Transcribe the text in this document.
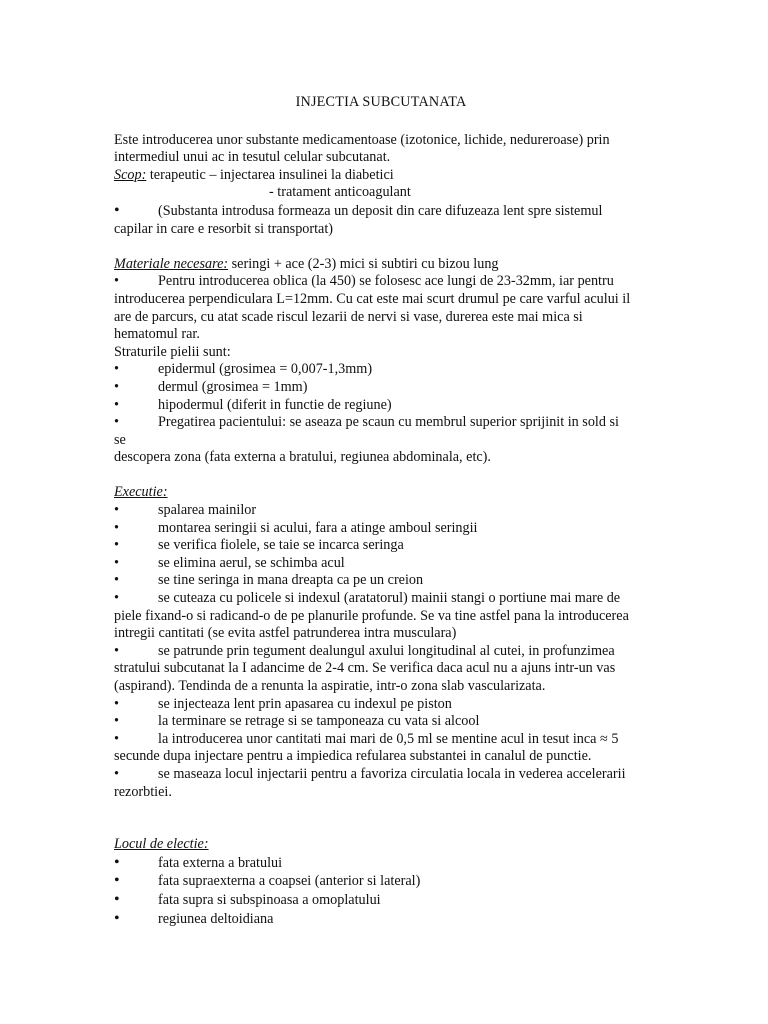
INJECTIA SUBCUTANATA

Este introducerea unor substante medicamentoase (izotonice, lichide, nedureroase) prin

intermediul unui ac in tesutul celular subcutanat.

Scop: terapeutic – injectarea insulinei la diabetici

- tratament anticoagulant

•	(Substanta introdusa formeaza un deposit din care difuzeaza lent spre sistemul

capilar in care e resorbit si transportat)

Materiale necesare: seringi + ace (2-3) mici si subtiri cu bizou lung

•	Pentru introducerea oblica (la 450) se folosesc ace lungi de 23-32mm, iar pentru

introducerea perpendiculara L=12mm. Cu cat este mai scurt drumul pe care varful acului il

are de parcurs, cu atat scade riscul lezarii de nervi si vase, durerea este mai mica si

hematomul rar.

Straturile pielii sunt:

•	epidermul (grosimea = 0,007-1,3mm)

•	dermul (grosimea = 1mm)

•	hipodermul (diferit in functie de regiune)

•	Pregatirea pacientului: se aseaza pe scaun cu membrul superior sprijinit in sold si se

descopera zona (fata externa a bratului, regiunea abdominala, etc).

Executie:

•	spalarea mainilor

•	montarea seringii si acului, fara a atinge amboul seringii

•	se verifica fiolele, se taie se incarca seringa

•	se elimina aerul, se schimba acul

•	se tine seringa in mana dreapta ca pe un creion

•	se cuteaza cu policele si indexul (aratatorul) mainii stangi o portiune mai mare de

piele fixand-o si radicand-o de pe planurile profunde. Se va tine astfel pana la introducerea

intregii cantitati (se evita astfel patrunderea intra musculara)

•	se patrunde prin tegument dealungul axului longitudinal al cutei, in profunzimea

stratului subcutanat la I adancime de 2-4 cm. Se verifica daca acul nu a ajuns intr-un vas

(aspirand). Tendinda de a renunta la aspiratie, intr-o zona slab vascularizata.

•	se injecteaza lent prin apasarea cu indexul pe piston

•	la terminare se retrage si se tamponeaza cu vata si alcool

•	la introducerea unor cantitati mai mari de 0,5 ml se mentine acul in tesut inca ≈ 5

secunde dupa injectare pentru a impiedica refularea substantei in canalul de punctie.

•	se maseaza locul injectarii pentru a favoriza circulatia locala in vederea accelerarii

rezorbtiei.

Locul de electie:

•	fata externa a bratului

•	fata supraexterna a coapsei (anterior si lateral)

•	fata supra si subspinoasa a omoplatului

•	regiunea deltoidiana
